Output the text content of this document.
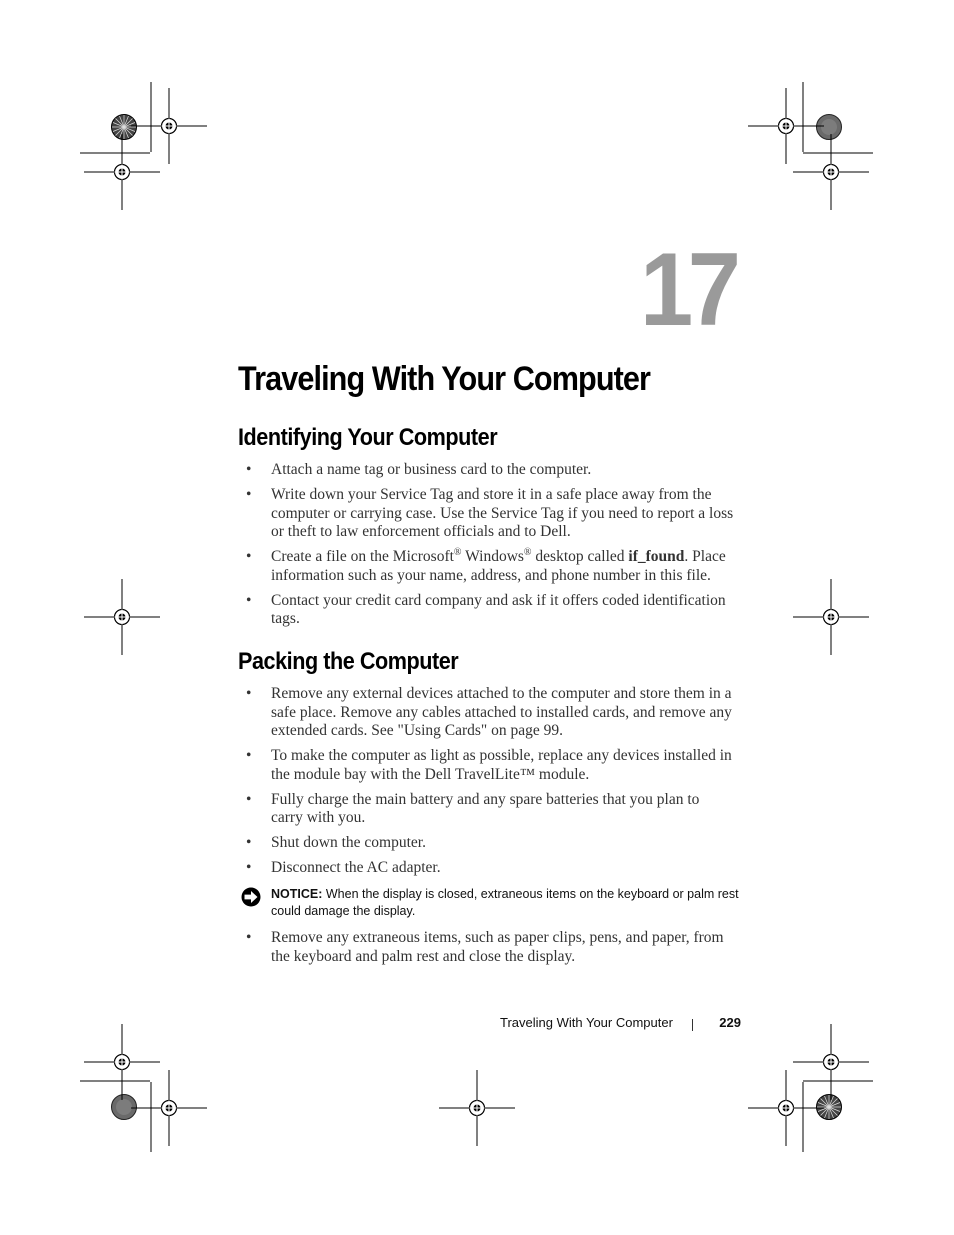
17
Traveling With Your Computer
Identifying Your Computer
• Attach a name tag or business card to the computer.
• Write down your Service Tag and store it in a safe place away from the computer or carrying case. Use the Service Tag if you need to report a loss or theft to law enforcement officials and to Dell.
• Create a file on the Microsoft® Windows® desktop called if_found. Place information such as your name, address, and phone number in this file.
• Contact your credit card company and ask if it offers coded identification tags.
Packing the Computer
• Remove any external devices attached to the computer and store them in a safe place. Remove any cables attached to installed cards, and remove any extended cards. See "Using Cards" on page 99.
• To make the computer as light as possible, replace any devices installed in the module bay with the Dell TravelLite™ module.
• Fully charge the main battery and any spare batteries that you plan to carry with you.
• Shut down the computer.
• Disconnect the AC adapter.
NOTICE: When the display is closed, extraneous items on the keyboard or palm rest could damage the display.
• Remove any extraneous items, such as paper clips, pens, and paper, from the keyboard and palm rest and close the display.
Traveling With Your Computer	229
